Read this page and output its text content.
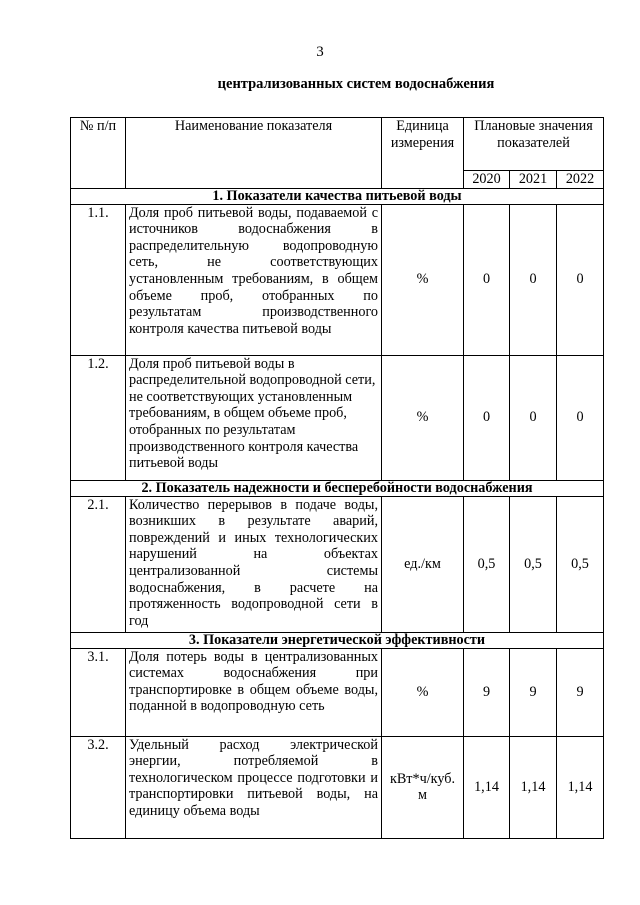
3
централизованных систем водоснабжения
№ п/п	Наименование показателя	Единица измерения	Плановые значения показателей		
			2020	2021	2022
1. Показатели качества питьевой воды					
1.1.	Доля проб питьевой воды, подаваемой с источников водоснабжения в распределительную водопроводную сеть, не соответствующих установленным требованиям, в общем объеме проб, отобранных по результатам производственного контроля качества питьевой воды	%	0	0	0
1.2.	Доля проб питьевой воды в распределительной водопроводной сети, не соответствующих установленным требованиям, в общем объеме проб, отобранных по результатам производственного контроля качества питьевой воды	%	0	0	0
2. Показатель надежности и бесперебойности водоснабжения					
2.1.	Количество перерывов в подаче воды, возникших в результате аварий, повреждений и иных технологических нарушений на объектах централизованной системы водоснабжения, в расчете на протяженность водопроводной сети в год	ед./км	0,5	0,5	0,5
3. Показатели энергетической эффективности					
3.1.	Доля потерь воды в централизованных системах водоснабжения при транспортировке в общем объеме воды, поданной в водопроводную сеть	%	9	9	9
3.2.	Удельный расход электрической энергии, потребляемой в технологическом процессе подготовки и транспортировки питьевой воды, на единицу объема воды	кВт*ч/куб. м	1,14	1,14	1,14
